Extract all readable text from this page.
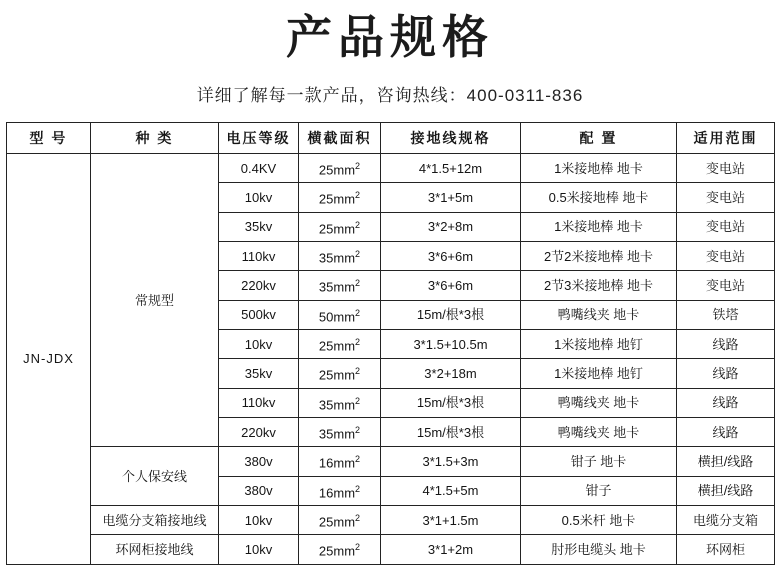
产品规格
详细了解每一款产品，咨询热线：400-0311-836
型 号	种 类	电压等级	横截面积	接地线规格	配 置	适用范围
JN-JDX	常规型	0.4KV	$25mm^2$	4*1.5+12m	1米接地棒 地卡	变电站
		10kv	$25mm^2$	3*1+5m	0.5米接地棒 地卡	变电站
		35kv	$25mm^2$	3*2+8m	1米接地棒 地卡	变电站
		110kv	$35mm^2$	3*6+6m	2节2米接地棒 地卡	变电站
		220kv	$35mm^2$	3*6+6m	2节3米接地棒 地卡	变电站
		500kv	$50mm^2$	15m/根*3根	鸭嘴线夹 地卡	铁塔
		10kv	$25mm^2$	3*1.5+10.5m	1米接地棒 地钉	线路
		35kv	$25mm^2$	3*2+18m	1米接地棒 地钉	线路
		110kv	$35mm^2$	15m/根*3根	鸭嘴线夹 地卡	线路
		220kv	$35mm^2$	15m/根*3根	鸭嘴线夹 地卡	线路
	个人保安线	380v	$16mm^2$	3*1.5+3m	钳子 地卡	横担/线路
		380v	$16mm^2$	4*1.5+5m	钳子	横担/线路
	电缆分支箱接地线	10kv	$25mm^2$	3*1+1.5m	0.5米杆 地卡	电缆分支箱
	环网柜接地线	10kv	$25mm^2$	3*1+2m	肘形电缆头 地卡	环网柜
